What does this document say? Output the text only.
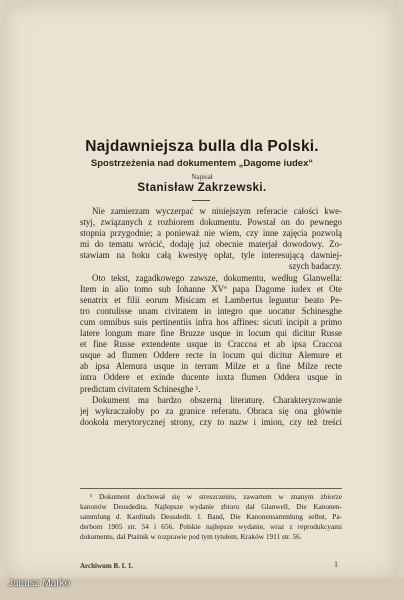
Najdawniejsza bulla dla Polski.
Spostrzeżenia nad dokumentem „Dagome iudex“
Napisał
Stanisław Zakrzewski.
Nie zamierzam wyczerpać w niniejszym referacie całości kwe-
styj, związanych z rozbiorem dokumentu. Powstał on do pewnego
stopnia przygodnie; a ponieważ nie wiem, czy inne zajęcia pozwolą
mi do tematu wrócić, dodaję już obecnie materjał dowodowy. Zo-
stawiam na boku całą kwestyę opłat, tyle interesującą dawniej-
szych badaczy.
Oto tekst, zagadkowego zawsze, dokumentu, według Glanwella:
Item in alio tomo sub Iohanne XVª papa Dagome iudex et Ote
senatrix et filii eorum Misicam et Lambertus leguntur beato Pe-
tro contulisse unam civitatem in integro que uocatur Schinesghe
cum omnibus suis pertinentiis infra hos affines: sicuti incipit a primo
latere longum mare fine Bruzze usque in locum qui dicitur Russe
et fine Russe extendente usque in Craccoa et ab ipsa Craccoa
usque ad flumen Oddere recte in locum qui dicitur Alemure et
ab ipsa Alemura usque in terram Milze et a fine Milze recte
intra Oddere et exinde ducente iuxta flumen Oddera usque in
predictam civitatem Schinesghe ¹.
Dokument ma bardzo obszerną literaturę. Charakteryzowanie
jej wykraczałoby po za granice referatu. Obraca się ona głównie
dookoła merytorycznej strony, czy to nazw i imion, czy też treści
¹ Dokument dochował się w streszczeniu, zawartem w znanym zbiorze
kanonów Deusdedita. Najlepsze wydanie zbioru dał Glanwell, Die Kanonen-
sammlung d. Kardinals Deusdedit. I. Band, Die Kanonensammlung selbst, Pa-
derborn 1905 str. 54 i 656. Polskie najlepsze wydanie, wraz z reprodukcyami
dokumentu, dał Ptaśnik w rozprawie pod tym tytułem, Kraków 1911 str. 56.
Archiwum B. I. 1.	1
Janusz Marko
